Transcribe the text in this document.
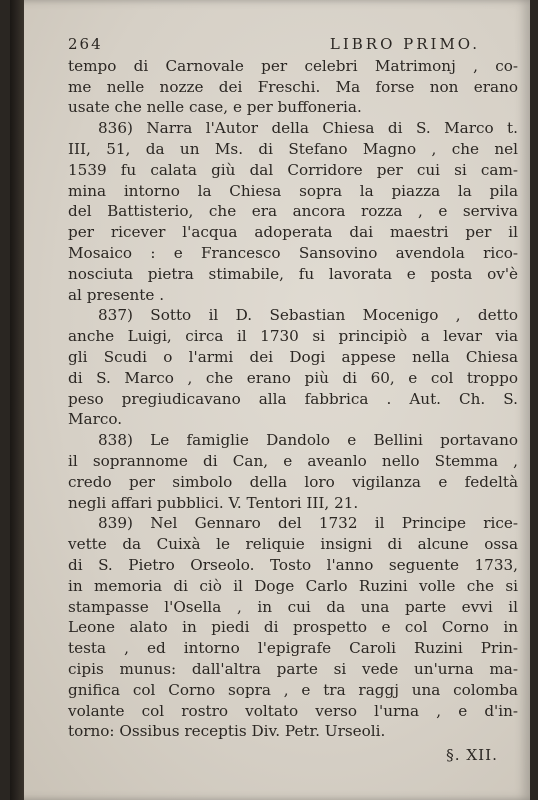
264	LIBRO PRIMO.
tempo di Carnovale per celebri Matrimonj , co-
me nelle nozze dei Freschi. Ma forse non erano
usate che nelle case, e per buffoneria.
836) Narra l'Autor della Chiesa di S. Marco t.
III, 51, da un Ms. di Stefano Magno , che nel
1539 fu calata giù dal Corridore per cui si cam-
mina intorno la Chiesa sopra la piazza la pila
del Battisterio, che era ancora rozza , e serviva
per ricever l'acqua adoperata dai maestri per il
Mosaico : e Francesco Sansovino avendola rico-
nosciuta pietra stimabile, fu lavorata e posta ov'è
al presente .
837) Sotto il D. Sebastian Mocenigo , detto
anche Luigi, circa il 1730 si principiò a levar via
gli Scudi o l'armi dei Dogi appese nella Chiesa
di S. Marco , che erano più di 60, e col troppo
peso pregiudicavano alla fabbrica . Aut. Ch. S.
Marco.
838) Le famiglie Dandolo e Bellini portavano
il soprannome di Can, e aveanlo nello Stemma ,
credo per simbolo della loro vigilanza e fedeltà
negli affari pubblici. V. Tentori III, 21.
839) Nel Gennaro del 1732 il Principe rice-
vette da Cuixà le reliquie insigni di alcune ossa
di S. Pietro Orseolo. Tosto l'anno seguente 1733,
in memoria di ciò il Doge Carlo Ruzini volle che si
stampasse l'Osella , in cui da una parte evvi il
Leone alato in piedi di prospetto e col Corno in
testa , ed intorno l'epigrafe Caroli Ruzini Prin-
cipis munus: dall'altra parte si vede un'urna ma-
gnifica col Corno sopra , e tra raggj una colomba
volante col rostro voltato verso l'urna , e d'in-
torno: Ossibus receptis Div. Petr. Urseoli.
§. XII.
